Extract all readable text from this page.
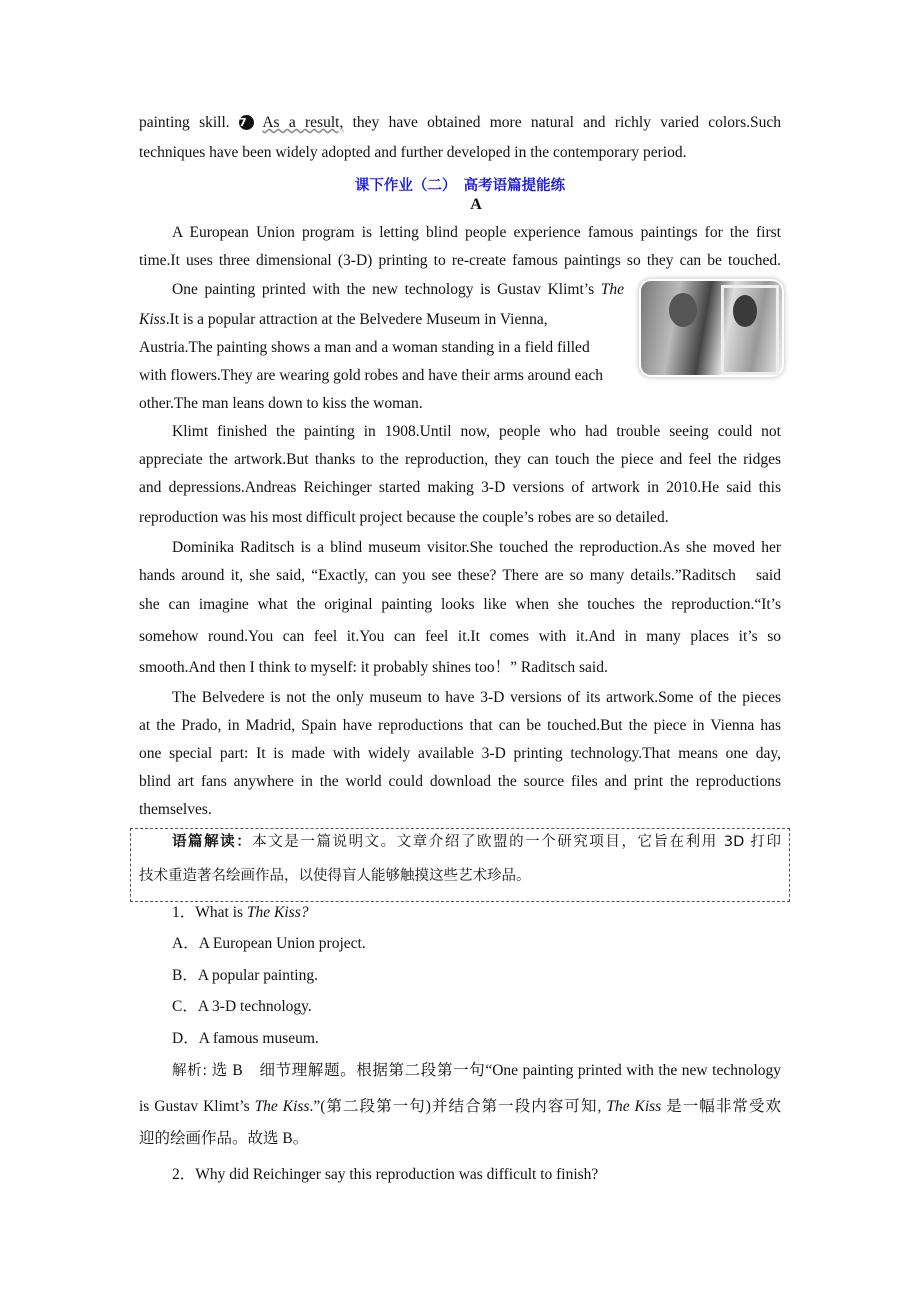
painting skill. 7 As a result, they have obtained more natural and richly varied colors.Such
techniques have been widely adopted and further developed in the contemporary period.
课下作业（二）　高考语篇提能练
A
A European Union program is letting blind people experience famous paintings for the first
time.It uses three dimensional (3-D) printing to re-create famous paintings so they can be touched.
One painting printed with the new technology is Gustav Klimt’s The
Kiss.It is a popular attraction at the Belvedere Museum in Vienna,
Austria.The painting shows a man and a woman standing in a field filled
with flowers.They are wearing gold robes and have their arms around each
other.The man leans down to kiss the woman.
Klimt finished the painting in 1908.Until now, people who had trouble seeing could not
appreciate the artwork.But thanks to the reproduction, they can touch the piece and feel the ridges
and depressions.Andreas Reichinger started making 3-D versions of artwork in 2010.He said this
reproduction was his most difficult project because the couple’s robes are so detailed.
Dominika Raditsch is a blind museum visitor.She touched the reproduction.As she moved her
hands around it, she said, “Exactly, can you see these? There are so many details.”Raditsch　said
she can imagine what the original painting looks like when she touches the reproduction.“It’s
somehow round.You can feel it.You can feel it.It comes with it.And in many places it’s so
smooth.And then I think to myself: it probably shines too！” Raditsch said.
The Belvedere is not the only museum to have 3-D versions of its artwork.Some of the pieces
at the Prado, in Madrid, Spain have reproductions that can be touched.But the piece in Vienna has
one special part: It is made with widely available 3-D printing technology.That means one day,
blind art fans anywhere in the world could download the source files and print the reproductions
themselves.
语篇解读：本文是一篇说明文。文章介绍了欧盟的一个研究项目，它旨在利用 3D 打印
技术重造著名绘画作品，以使得盲人能够触摸这些艺术珍品。
1．What is The Kiss?
A．A European Union project.
B．A popular painting.
C．A 3-D technology.
D．A famous museum.
解析: 选 B　细节理解题。根据第二段第一句“One painting printed with the new technology
is Gustav Klimt’s The Kiss.”(第二段第一句)并结合第一段内容可知, The Kiss 是一幅非常受欢
迎的绘画作品。故选 B。
2．Why did Reichinger say this reproduction was difficult to finish?
